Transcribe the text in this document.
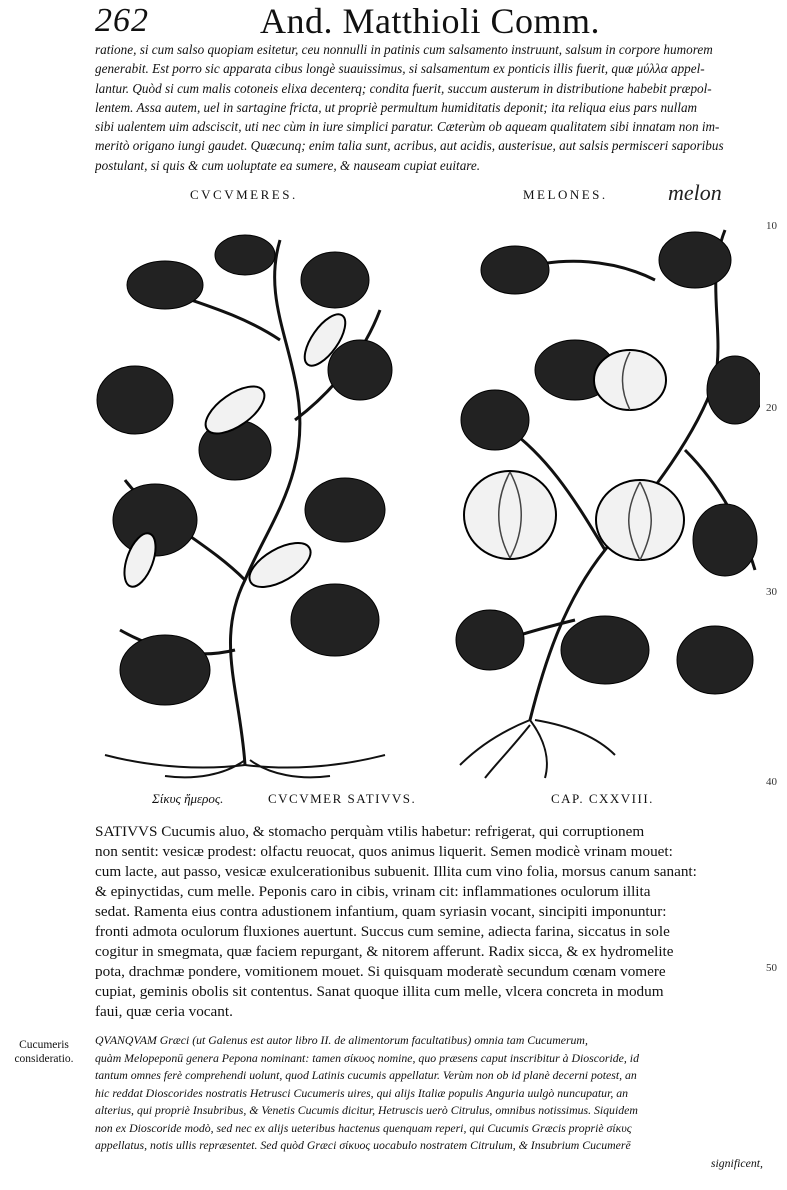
262	And. Matthioli Comm.
ratione, si cum salso quopiam esitetur, ceu nonnulli in patinis cum salsamento instruunt, salsum in corpore humorem
generabit. Est porro sic apparata cibus longè suauissimus, si salsamentum ex ponticis illis fuerit, quæ μύλλα appel-
lantur. Quòd si cum malis cotoneis elixa decenterq; condita fuerit, succum austerum in distributione habebit præpol-
lentem. Assa autem, uel in sartagine fricta, ut propriè permultum humiditatis deponit; ita reliqua eius pars nullam
sibi ualentem uim adsciscit, uti nec cùm in iure simplici paratur. Cæterùm ob aqueam qualitatem sibi innatam non im-
meritò origano iungi gaudet. Quæcunq; enim talia sunt, acribus, aut acidis, austerisue, aut salsis permisceri saporibus
postulant, si quis & cum uoluptate ea sumere, & nauseam cupiat euitare.
CVCVMERES.	MELONES.	melon
10
20
30
40
50
Σίκυς ἥμερος.	CVCVMER SATIVVS.	CAP. CXXVIII.
SATIVVS Cucumis aluo, & stomacho perquàm vtilis habetur: refrigerat, qui corruptionem
non sentit: vesicæ prodest: olfactu reuocat, quos animus liquerit. Semen modicè vrinam mouet:
cum lacte, aut passo, vesicæ exulcerationibus subuenit. Illita cum vino folia, morsus canum sanant:
& epinyctidas, cum melle. Peponis caro in cibis, vrinam cit: inflammationes oculorum illita
sedat. Ramenta eius contra adustionem infantium, quam syriasin vocant, sincipiti imponuntur:
fronti admota oculorum fluxiones auertunt. Succus cum semine, adiecta farina, siccatus in sole
cogitur in smegmata, quæ faciem repurgant, & nitorem afferunt. Radix sicca, & ex hydromelite
pota, drachmæ pondere, vomitionem mouet. Si quisquam moderatè secundum cœnam vomere
cupiat, geminis obolis sit contentus. Sanat quoque illita cum melle, vlcera concreta in modum
faui, quæ ceria vocant.
Cucumeris
consideratio.
QVANQVAM Græci (ut Galenus est autor libro II. de alimentorum facultatibus) omnia tam Cucumerum,
quàm Melopeponū genera Pepona nominant: tamen σίκυος nomine, quo præsens caput inscribitur à Dioscoride, id
tantum omnes ferè comprehendi uolunt, quod Latinis cucumis appellatur. Verùm non ob id planè decerni potest, an
hic reddat Dioscorides nostratis Hetrusci Cucumeris uires, qui alijs Italiæ populis Anguria uulgò nuncupatur, an
alterius, qui propriè Insubribus, & Venetis Cucumis dicitur, Hetruscis uerò Citrulus, omnibus notissimus. Siquidem
non ex Dioscoride modò, sed nec ex alijs ueteribus hactenus quenquam reperi, qui Cucumis Græcis propriè σίκυς
appellatus, notis ullis repræsentet. Sed quòd Græci σίκυος uocabulo nostratem Citrulum, & Insubrium Cucumerē
significent,
